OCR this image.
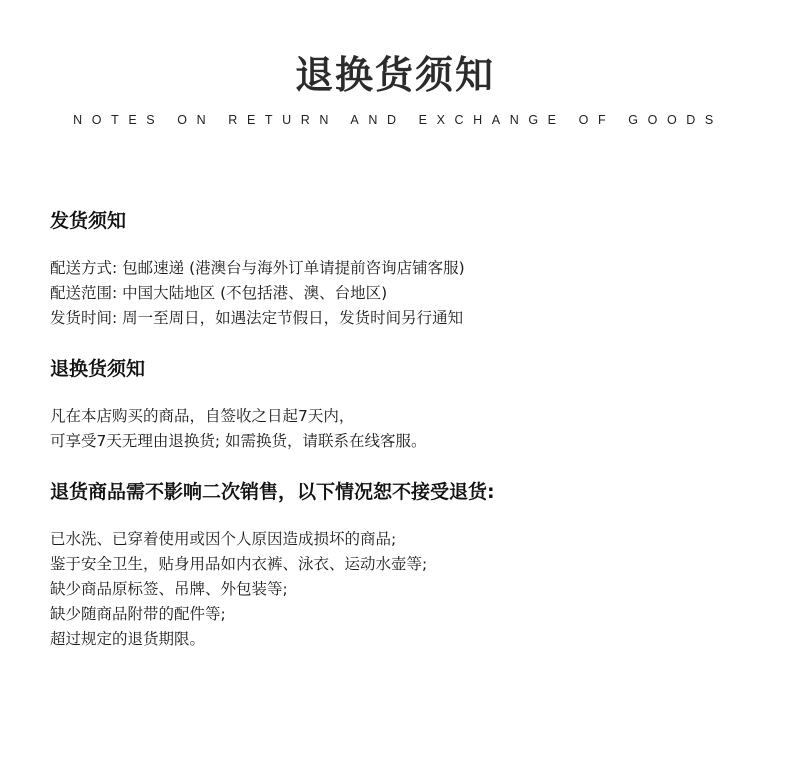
退换货须知
NOTES ON RETURN AND EXCHANGE OF GOODS
发货须知
配送方式: 包邮速递 (港澳台与海外订单请提前咨询店铺客服)
配送范围: 中国大陆地区 (不包括港、澳、台地区)
发货时间: 周一至周日，如遇法定节假日，发货时间另行通知
退换货须知
凡在本店购买的商品，自签收之日起7天内，
可享受7天无理由退换货; 如需换货，请联系在线客服。
退货商品需不影响二次销售，以下情况恕不接受退货:
已水洗、已穿着使用或因个人原因造成损坏的商品;
鉴于安全卫生，贴身用品如内衣裤、泳衣、运动水壶等;
缺少商品原标签、吊牌、外包装等;
缺少随商品附带的配件等;
超过规定的退货期限。
